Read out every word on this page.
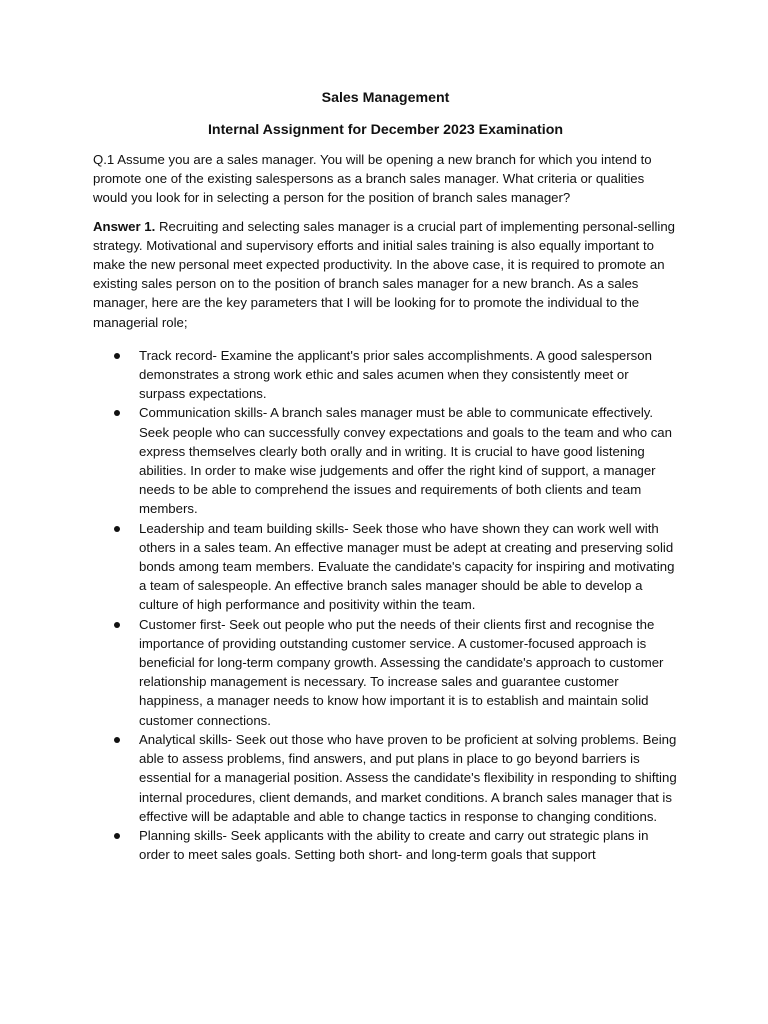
Sales Management
Internal Assignment for December 2023 Examination

Q.1 Assume you are a sales manager. You will be opening a new branch for which you intend to promote one of the existing salespersons as a branch sales manager. What criteria or qualities would you look for in selecting a person for the position of branch sales manager?

Answer 1. Recruiting and selecting sales manager is a crucial part of implementing personal-selling strategy. Motivational and supervisory efforts and initial sales training is also equally important to make the new personal meet expected productivity. In the above case, it is required to promote an existing sales person on to the position of branch sales manager for a new branch. As a sales manager, here are the key parameters that I will be looking for to promote the individual to the managerial role;

Track record- Examine the applicant's prior sales accomplishments. A good salesperson demonstrates a strong work ethic and sales acumen when they consistently meet or surpass expectations.
Communication skills- A branch sales manager must be able to communicate effectively. Seek people who can successfully convey expectations and goals to the team and who can express themselves clearly both orally and in writing. It is crucial to have good listening abilities. In order to make wise judgements and offer the right kind of support, a manager needs to be able to comprehend the issues and requirements of both clients and team members.
Leadership and team building skills- Seek those who have shown they can work well with others in a sales team. An effective manager must be adept at creating and preserving solid bonds among team members. Evaluate the candidate's capacity for inspiring and motivating a team of salespeople. An effective branch sales manager should be able to develop a culture of high performance and positivity within the team.
Customer first- Seek out people who put the needs of their clients first and recognise the importance of providing outstanding customer service. A customer-focused approach is beneficial for long-term company growth. Assessing the candidate's approach to customer relationship management is necessary. To increase sales and guarantee customer happiness, a manager needs to know how important it is to establish and maintain solid customer connections.
Analytical skills- Seek out those who have proven to be proficient at solving problems. Being able to assess problems, find answers, and put plans in place to go beyond barriers is essential for a managerial position. Assess the candidate's flexibility in responding to shifting internal procedures, client demands, and market conditions. A branch sales manager that is effective will be adaptable and able to change tactics in response to changing conditions.
Planning skills- Seek applicants with the ability to create and carry out strategic plans in order to meet sales goals. Setting both short- and long-term goals that support
